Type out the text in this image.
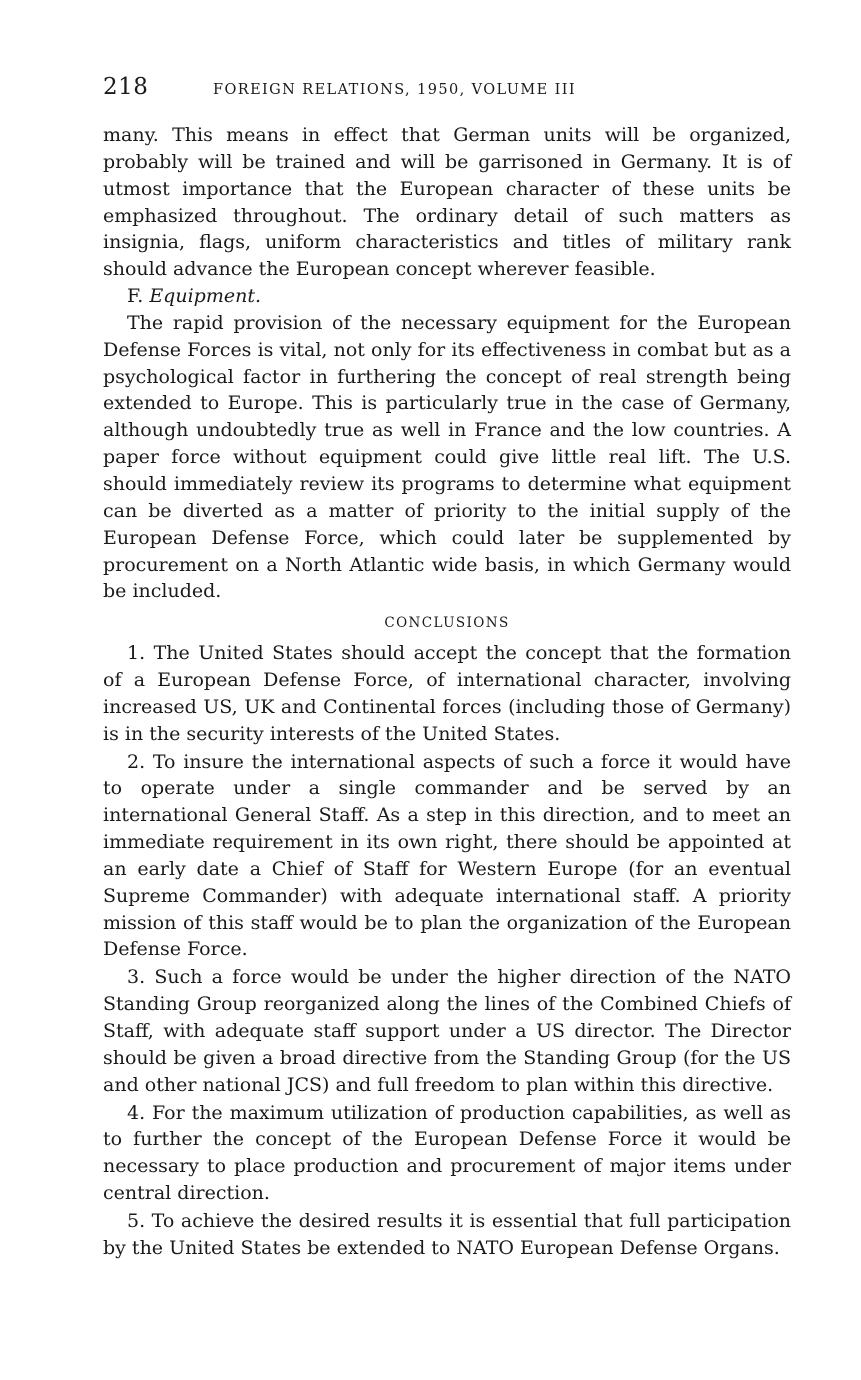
218	FOREIGN RELATIONS, 1950, VOLUME III

many. This means in effect that German units will be organized, probably will be trained and will be garrisoned in Germany. It is of utmost importance that the European character of these units be emphasized throughout. The ordinary detail of such matters as insignia, flags, uniform characteristics and titles of military rank should advance the European concept wherever feasible.

F. Equipment.

The rapid provision of the necessary equipment for the European Defense Forces is vital, not only for its effectiveness in combat but as a psychological factor in furthering the concept of real strength being extended to Europe. This is particularly true in the case of Germany, although undoubtedly true as well in France and the low countries. A paper force without equipment could give little real lift. The U.S. should immediately review its programs to determine what equipment can be diverted as a matter of priority to the initial supply of the European Defense Force, which could later be supplemented by procurement on a North Atlantic wide basis, in which Germany would be included.

CONCLUSIONS
1. The United States should accept the concept that the formation of a European Defense Force, of international character, involving increased US, UK and Continental forces (including those of Germany) is in the security interests of the United States.
2. To insure the international aspects of such a force it would have to operate under a single commander and be served by an international General Staff. As a step in this direction, and to meet an immediate requirement in its own right, there should be appointed at an early date a Chief of Staff for Western Europe (for an eventual Supreme Commander) with adequate international staff. A priority mission of this staff would be to plan the organization of the European Defense Force.
3. Such a force would be under the higher direction of the NATO Standing Group reorganized along the lines of the Combined Chiefs of Staff, with adequate staff support under a US director. The Director should be given a broad directive from the Standing Group (for the US and other national JCS) and full freedom to plan within this directive.
4. For the maximum utilization of production capabilities, as well as to further the concept of the European Defense Force it would be necessary to place production and procurement of major items under central direction.
5. To achieve the desired results it is essential that full participation by the United States be extended to NATO European Defense Organs.
